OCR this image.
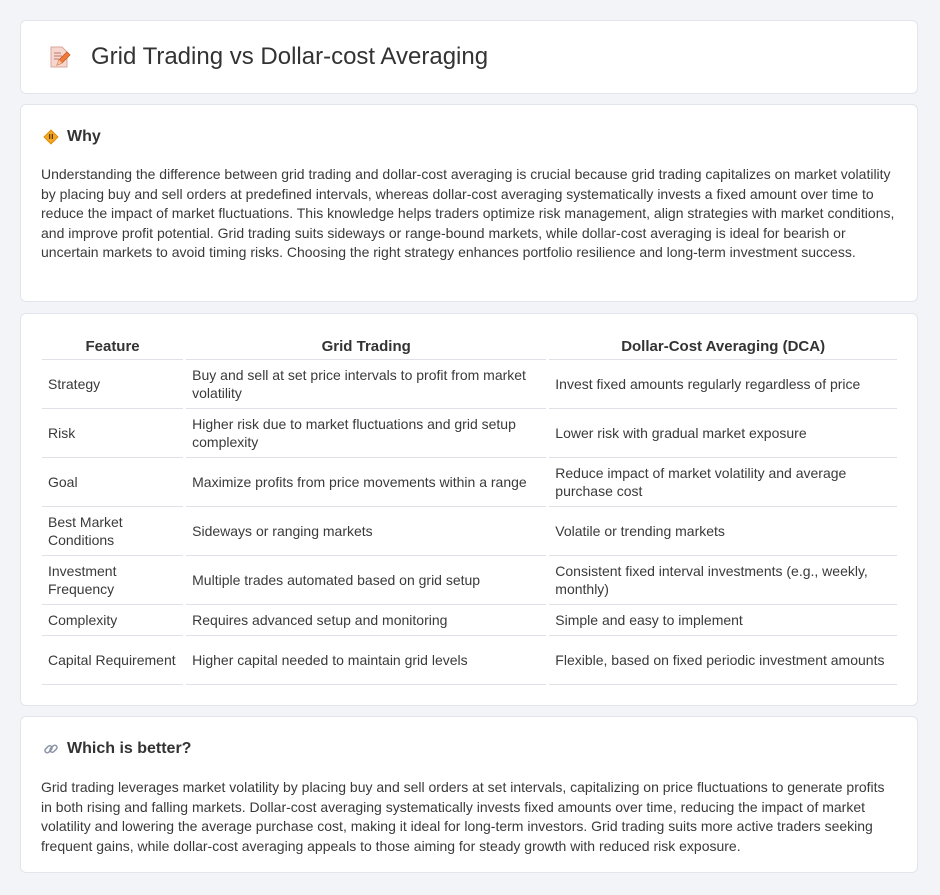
Grid Trading vs Dollar-cost Averaging
Why

Understanding the difference between grid trading and dollar-cost averaging is crucial because grid trading capitalizes on market volatility by placing buy and sell orders at predefined intervals, whereas dollar-cost averaging systematically invests a fixed amount over time to reduce the impact of market fluctuations. This knowledge helps traders optimize risk management, align strategies with market conditions, and improve profit potential. Grid trading suits sideways or range-bound markets, while dollar-cost averaging is ideal for bearish or uncertain markets to avoid timing risks. Choosing the right strategy enhances portfolio resilience and long-term investment success.

Feature	Grid Trading	Dollar-Cost Averaging (DCA)
Strategy	Buy and sell at set price intervals to profit from market volatility	Invest fixed amounts regularly regardless of price
Risk	Higher risk due to market fluctuations and grid setup complexity	Lower risk with gradual market exposure
Goal	Maximize profits from price movements within a range	Reduce impact of market volatility and average purchase cost
Best Market Conditions	Sideways or ranging markets	Volatile or trending markets
Investment Frequency	Multiple trades automated based on grid setup	Consistent fixed interval investments (e.g., weekly, monthly)
Complexity	Requires advanced setup and monitoring	Simple and easy to implement
Capital Requirement	Higher capital needed to maintain grid levels	Flexible, based on fixed periodic investment amounts
Which is better?

Grid trading leverages market volatility by placing buy and sell orders at set intervals, capitalizing on price fluctuations to generate profits in both rising and falling markets. Dollar-cost averaging systematically invests fixed amounts over time, reducing the impact of market volatility and lowering the average purchase cost, making it ideal for long-term investors. Grid trading suits more active traders seeking frequent gains, while dollar-cost averaging appeals to those aiming for steady growth with reduced risk exposure.
